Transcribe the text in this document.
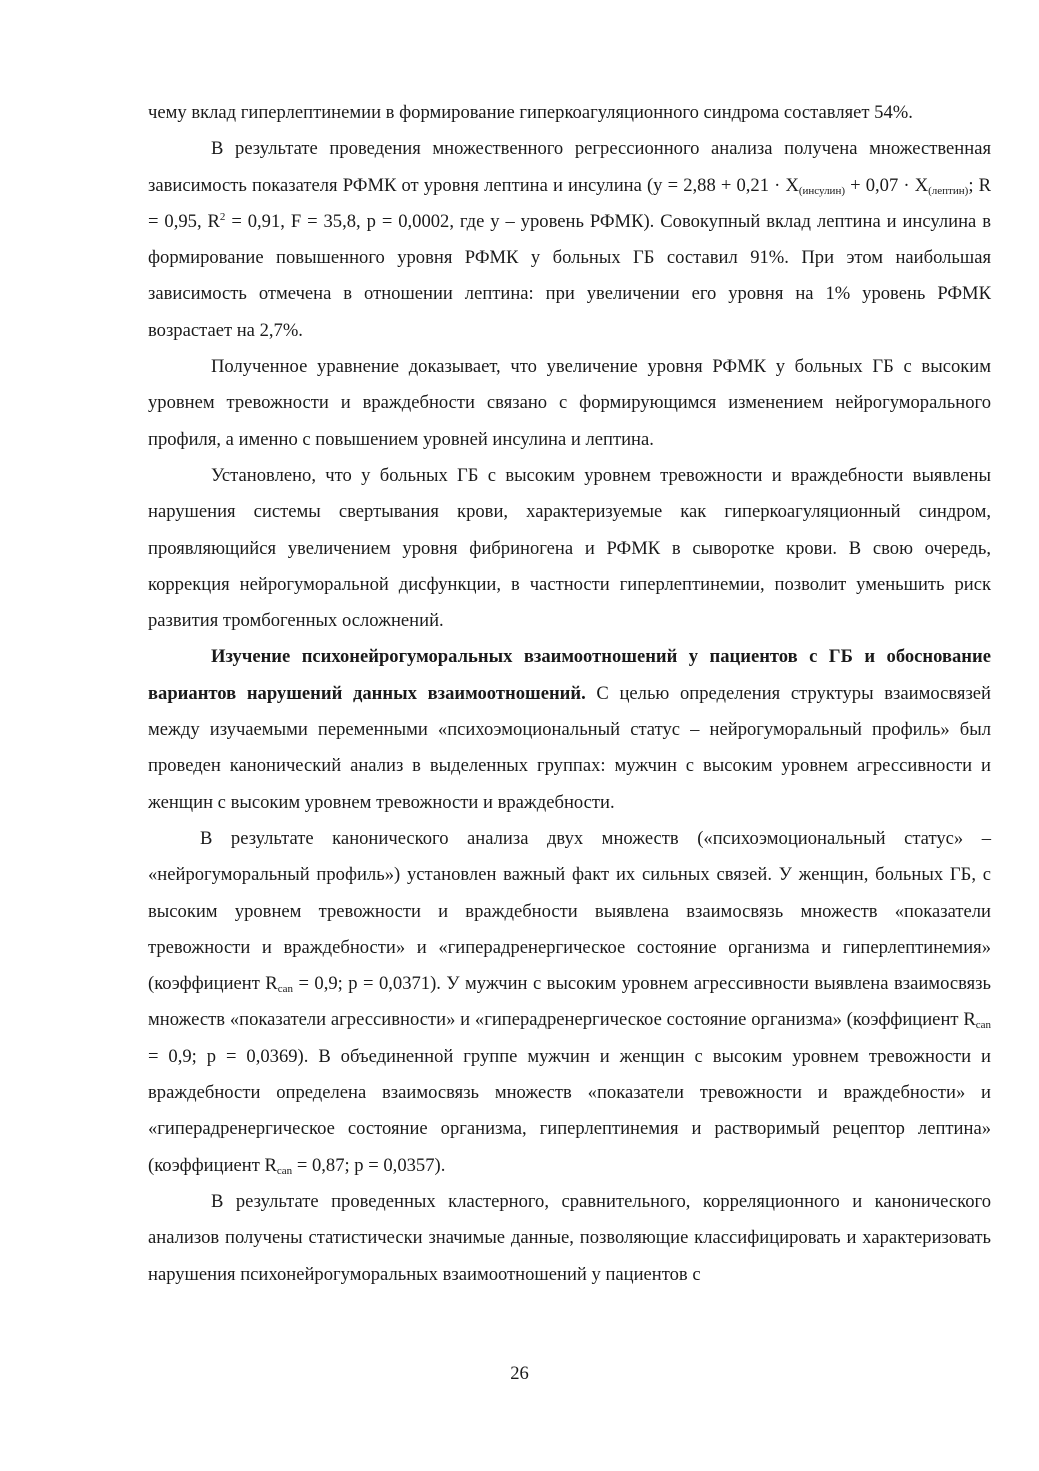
чему вклад гиперлептинемии в формирование гиперкоагуляционного синдрома составляет 54%.

В результате проведения множественного регрессионного анализа получена множественная зависимость показателя РФМК от уровня лептина и инсулина ($y = 2,88 + 0,21 \cdot X_{(инсулин)} + 0,07 \cdot X_{(лептин)}$; R = 0,95, $R^2 = 0,91$, F = 35,8, p = 0,0002, где y – уровень РФМК). Совокупный вклад лептина и инсулина в формирование повышенного уровня РФМК у больных ГБ составил 91%. При этом наибольшая зависимость отмечена в отношении лептина: при увеличении его уровня на 1% уровень РФМК возрастает на 2,7%.

Полученное уравнение доказывает, что увеличение уровня РФМК у больных ГБ с высоким уровнем тревожности и враждебности связано с формирующимся изменением нейрогуморального профиля, а именно с повышением уровней инсулина и лептина.

Установлено, что у больных ГБ с высоким уровнем тревожности и враждебности выявлены нарушения системы свертывания крови, характеризуемые как гиперкоагуляционный синдром, проявляющийся увеличением уровня фибриногена и РФМК в сыворотке крови. В свою очередь, коррекция нейрогуморальной дисфункции, в частности гиперлептинемии, позволит уменьшить риск развития тромбогенных осложнений.

Изучение психонейрогуморальных взаимоотношений у пациентов с ГБ и обоснование вариантов нарушений данных взаимоотношений. С целью определения структуры взаимосвязей между изучаемыми переменными «психоэмоциональный статус – нейрогуморальный профиль» был проведен канонический анализ в выделенных группах: мужчин с высоким уровнем агрессивности и женщин с высоким уровнем тревожности и враждебности.

В результате канонического анализа двух множеств («психоэмоциональный статус» – «нейрогуморальный профиль») установлен важный факт их сильных связей. У женщин, больных ГБ, с высоким уровнем тревожности и враждебности выявлена взаимосвязь множеств «показатели тревожности и враждебности» и «гиперадренергическое состояние организма и гиперлептинемия» (коэффициент $R_{can} = 0,9$; p = 0,0371). У мужчин с высоким уровнем агрессивности выявлена взаимосвязь множеств «показатели агрессивности» и «гиперадренергическое состояние организма» (коэффициент $R_{can} = 0,9$; p = 0,0369). В объединенной группе мужчин и женщин с высоким уровнем тревожности и враждебности определена взаимосвязь множеств «показатели тревожности и враждебности» и «гиперадренергическое состояние организма, гиперлептинемия и растворимый рецептор лептина» (коэффициент $R_{can} = 0,87$; p = 0,0357).

В результате проведенных кластерного, сравнительного, корреляционного и канонического анализов получены статистически значимые данные, позволяющие классифицировать и характеризовать нарушения психонейрогуморальных взаимоотношений у пациентов с

26
